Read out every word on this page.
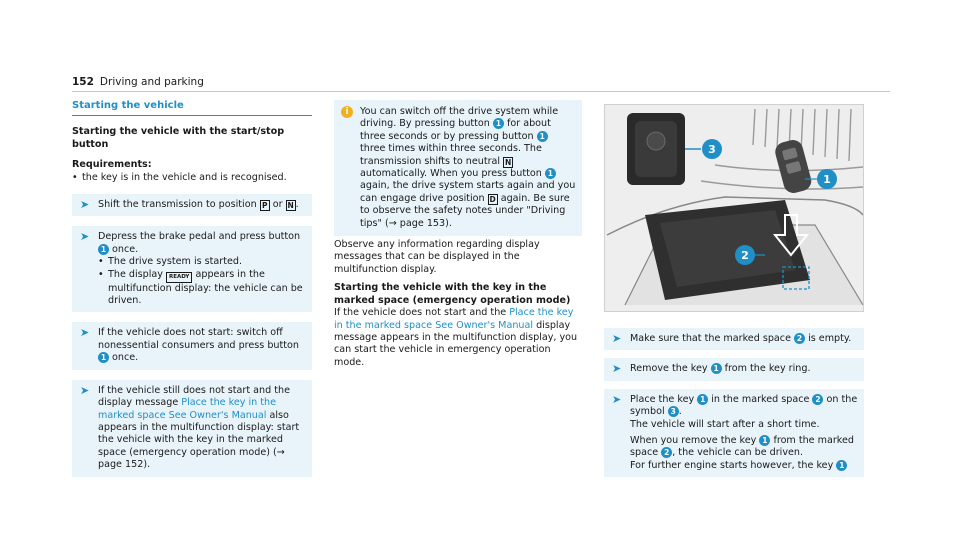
152 Driving and parking
Starting the vehicle
Starting the vehicle with the start/stop button
Requirements:
• the key is in the vehicle and is recognised.
➤ Shift the transmission to position P or N .
➤ Depress the brake pedal and press button 1 once.
• The drive system is started.
• The display READY appears in the multifunction display: the vehicle can be driven.
➤ If the vehicle does not start: switch off nonessential consumers and press button 1 once.
➤ If the vehicle still does not start and the display message Place the key in the marked space See Owner's Manual also appears in the multifunction display: start the vehicle with the key in the marked space (emergency operation mode) (→ page 152).
i	You can switch off the drive system while driving. By pressing button 1 for about three seconds or by pressing button 1 three times within three seconds. The transmission shifts to neutral N automatically. When you press button 1 again, the drive system starts again and you can engage drive position D again. Be sure to observe the safety notes under "Driving tips" (→ page 153).
Observe any information regarding display messages that can be displayed in the multifunction display.
Starting the vehicle with the key in the marked space (emergency operation mode)
If the vehicle does not start and the Place the key in the marked space See Owner's Manual display message appears in the multifunction display, you can start the vehicle in emergency operation mode.
3
1
2
➤ Make sure that the marked space 2 is empty.
➤ Remove the key 1 from the key ring.
➤ Place the key 1 in the marked space 2 on the symbol 3 .
The vehicle will start after a short time.
When you remove the key 1 from the marked space 2 , the vehicle can be driven.
For further engine starts however, the key 1
